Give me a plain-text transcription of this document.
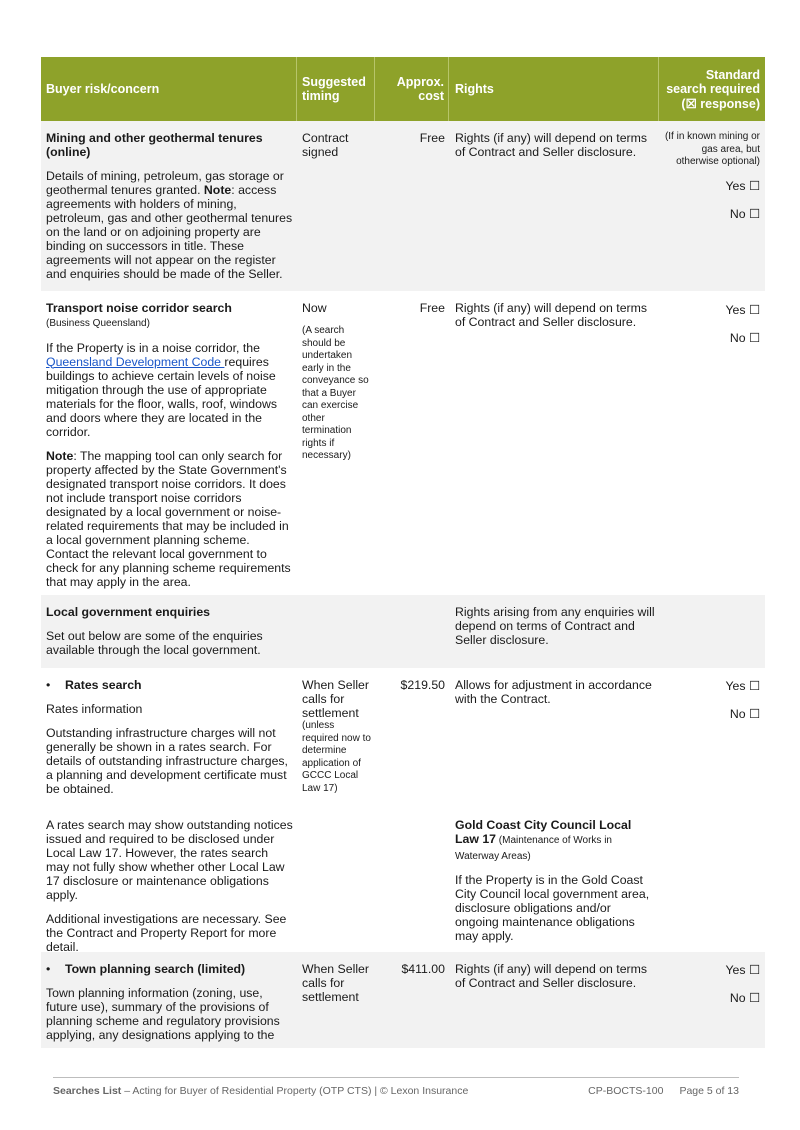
Buyer risk/concern	Suggested timing
Approx. cost Rights
Standard search required (☒ response)

Mining and other geothermal tenures (online)

Details of mining, petroleum, gas storage or geothermal tenures granted. Note: access agreements with holders of mining, petroleum, gas and other geothermal tenures on the land or on adjoining property are binding on successors in title. These agreements will not appear on the register and enquiries should be made of the Seller.

Contract signed
Free Rights (if any) will depend on terms of Contract and Seller disclosure.
(If in known mining or gas area, but otherwise optional)
Yes ☐
No ☐

Transport noise corridor search
(Business Queensland)

If the Property is in a noise corridor, the Queensland Development Code requires buildings to achieve certain levels of noise mitigation through the use of appropriate materials for the floor, walls, roof, windows and doors where they are located in the corridor.

Note: The mapping tool can only search for property affected by the State Government's designated transport noise corridors. It does not include transport noise corridors designated by a local government or noise-related requirements that may be included in a local government planning scheme. Contact the relevant local government to check for any planning scheme requirements that may apply in the area.

Now

(A search should be undertaken early in the conveyance so that a Buyer can exercise other termination rights if necessary)
Free Rights (if any) will depend on terms of Contract and Seller disclosure.
Yes ☐
No ☐

Local government enquiries

Set out below are some of the enquiries available through the local government.

Rights arising from any enquiries will depend on terms of Contract and Seller disclosure.

• Rates search

Rates information

Outstanding infrastructure charges will not generally be shown in a rates search. For details of outstanding infrastructure charges, a planning and development certificate must be obtained.

When Seller calls for settlement
(unless required now to determine application of GCCC Local Law 17)
$219.50 Allows for adjustment in accordance with the Contract.
Yes ☐
No ☐

A rates search may show outstanding notices issued and required to be disclosed under Local Law 17. However, the rates search may not fully show whether other Local Law 17 disclosure or maintenance obligations apply.

Additional investigations are necessary. See the Contract and Property Report for more detail.

Gold Coast City Council Local Law 17 (Maintenance of Works in Waterway Areas)

If the Property is in the Gold Coast City Council local government area, disclosure obligations and/or ongoing maintenance obligations may apply.

• Town planning search (limited)

Town planning information (zoning, use, future use), summary of the provisions of planning scheme and regulatory provisions applying, any designations applying to the

When Seller calls for settlement
$411.00 Rights (if any) will depend on terms of Contract and Seller disclosure.
Yes ☐
No ☐
Searches List – Acting for Buyer of Residential Property (OTP CTS) | © Lexon Insurance	CP-BOCTS-100 Page 5 of 13
